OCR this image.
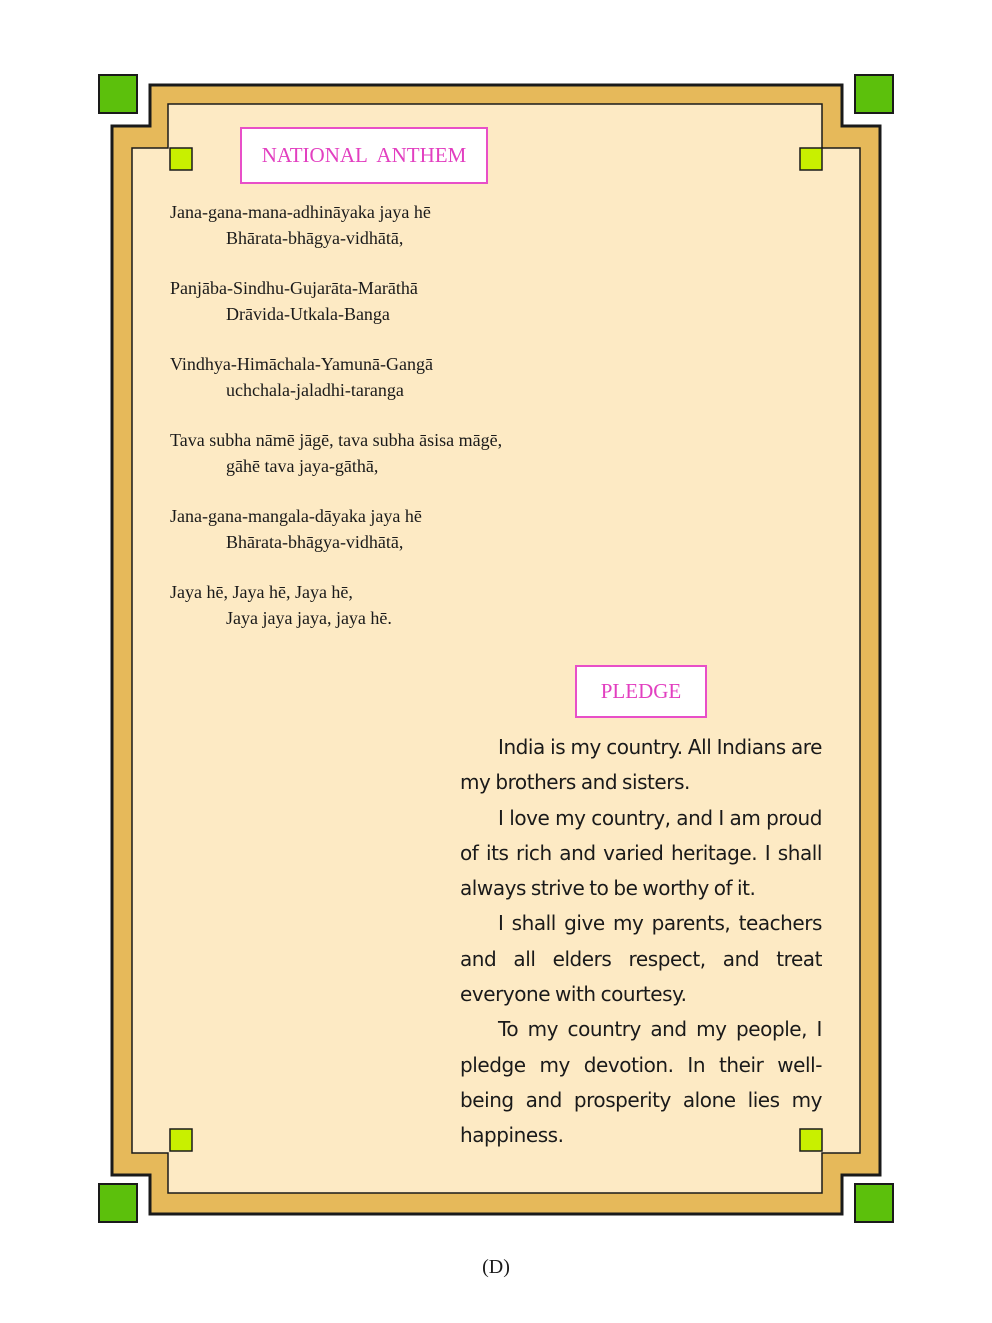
NATIONAL  ANTHEM
Jana-gana-mana-adhināyaka jaya hē
Bhārata-bhāgya-vidhātā,
Panjāba-Sindhu-Gujarāta-Marāthā
Drāvida-Utkala-Banga
Vindhya-Himāchala-Yamunā-Gangā
uchchala-jaladhi-taranga
Tava subha nāmē jāgē, tava subha āsisa māgē,
gāhē tava jaya-gāthā,
Jana-gana-mangala-dāyaka jaya hē
Bhārata-bhāgya-vidhātā,
Jaya hē, Jaya hē, Jaya hē,
Jaya jaya jaya, jaya hē.
PLEDGE

India is my country. All Indians are my brothers and sisters.

I love my country, and I am proud of its rich and varied heritage. I shall always strive to be worthy of it.

I shall give my parents, teachers and all elders respect, and treat everyone with courtesy.

To my country and my people, I pledge my devotion. In their well-being and prosperity alone lies my happiness.

(D)
